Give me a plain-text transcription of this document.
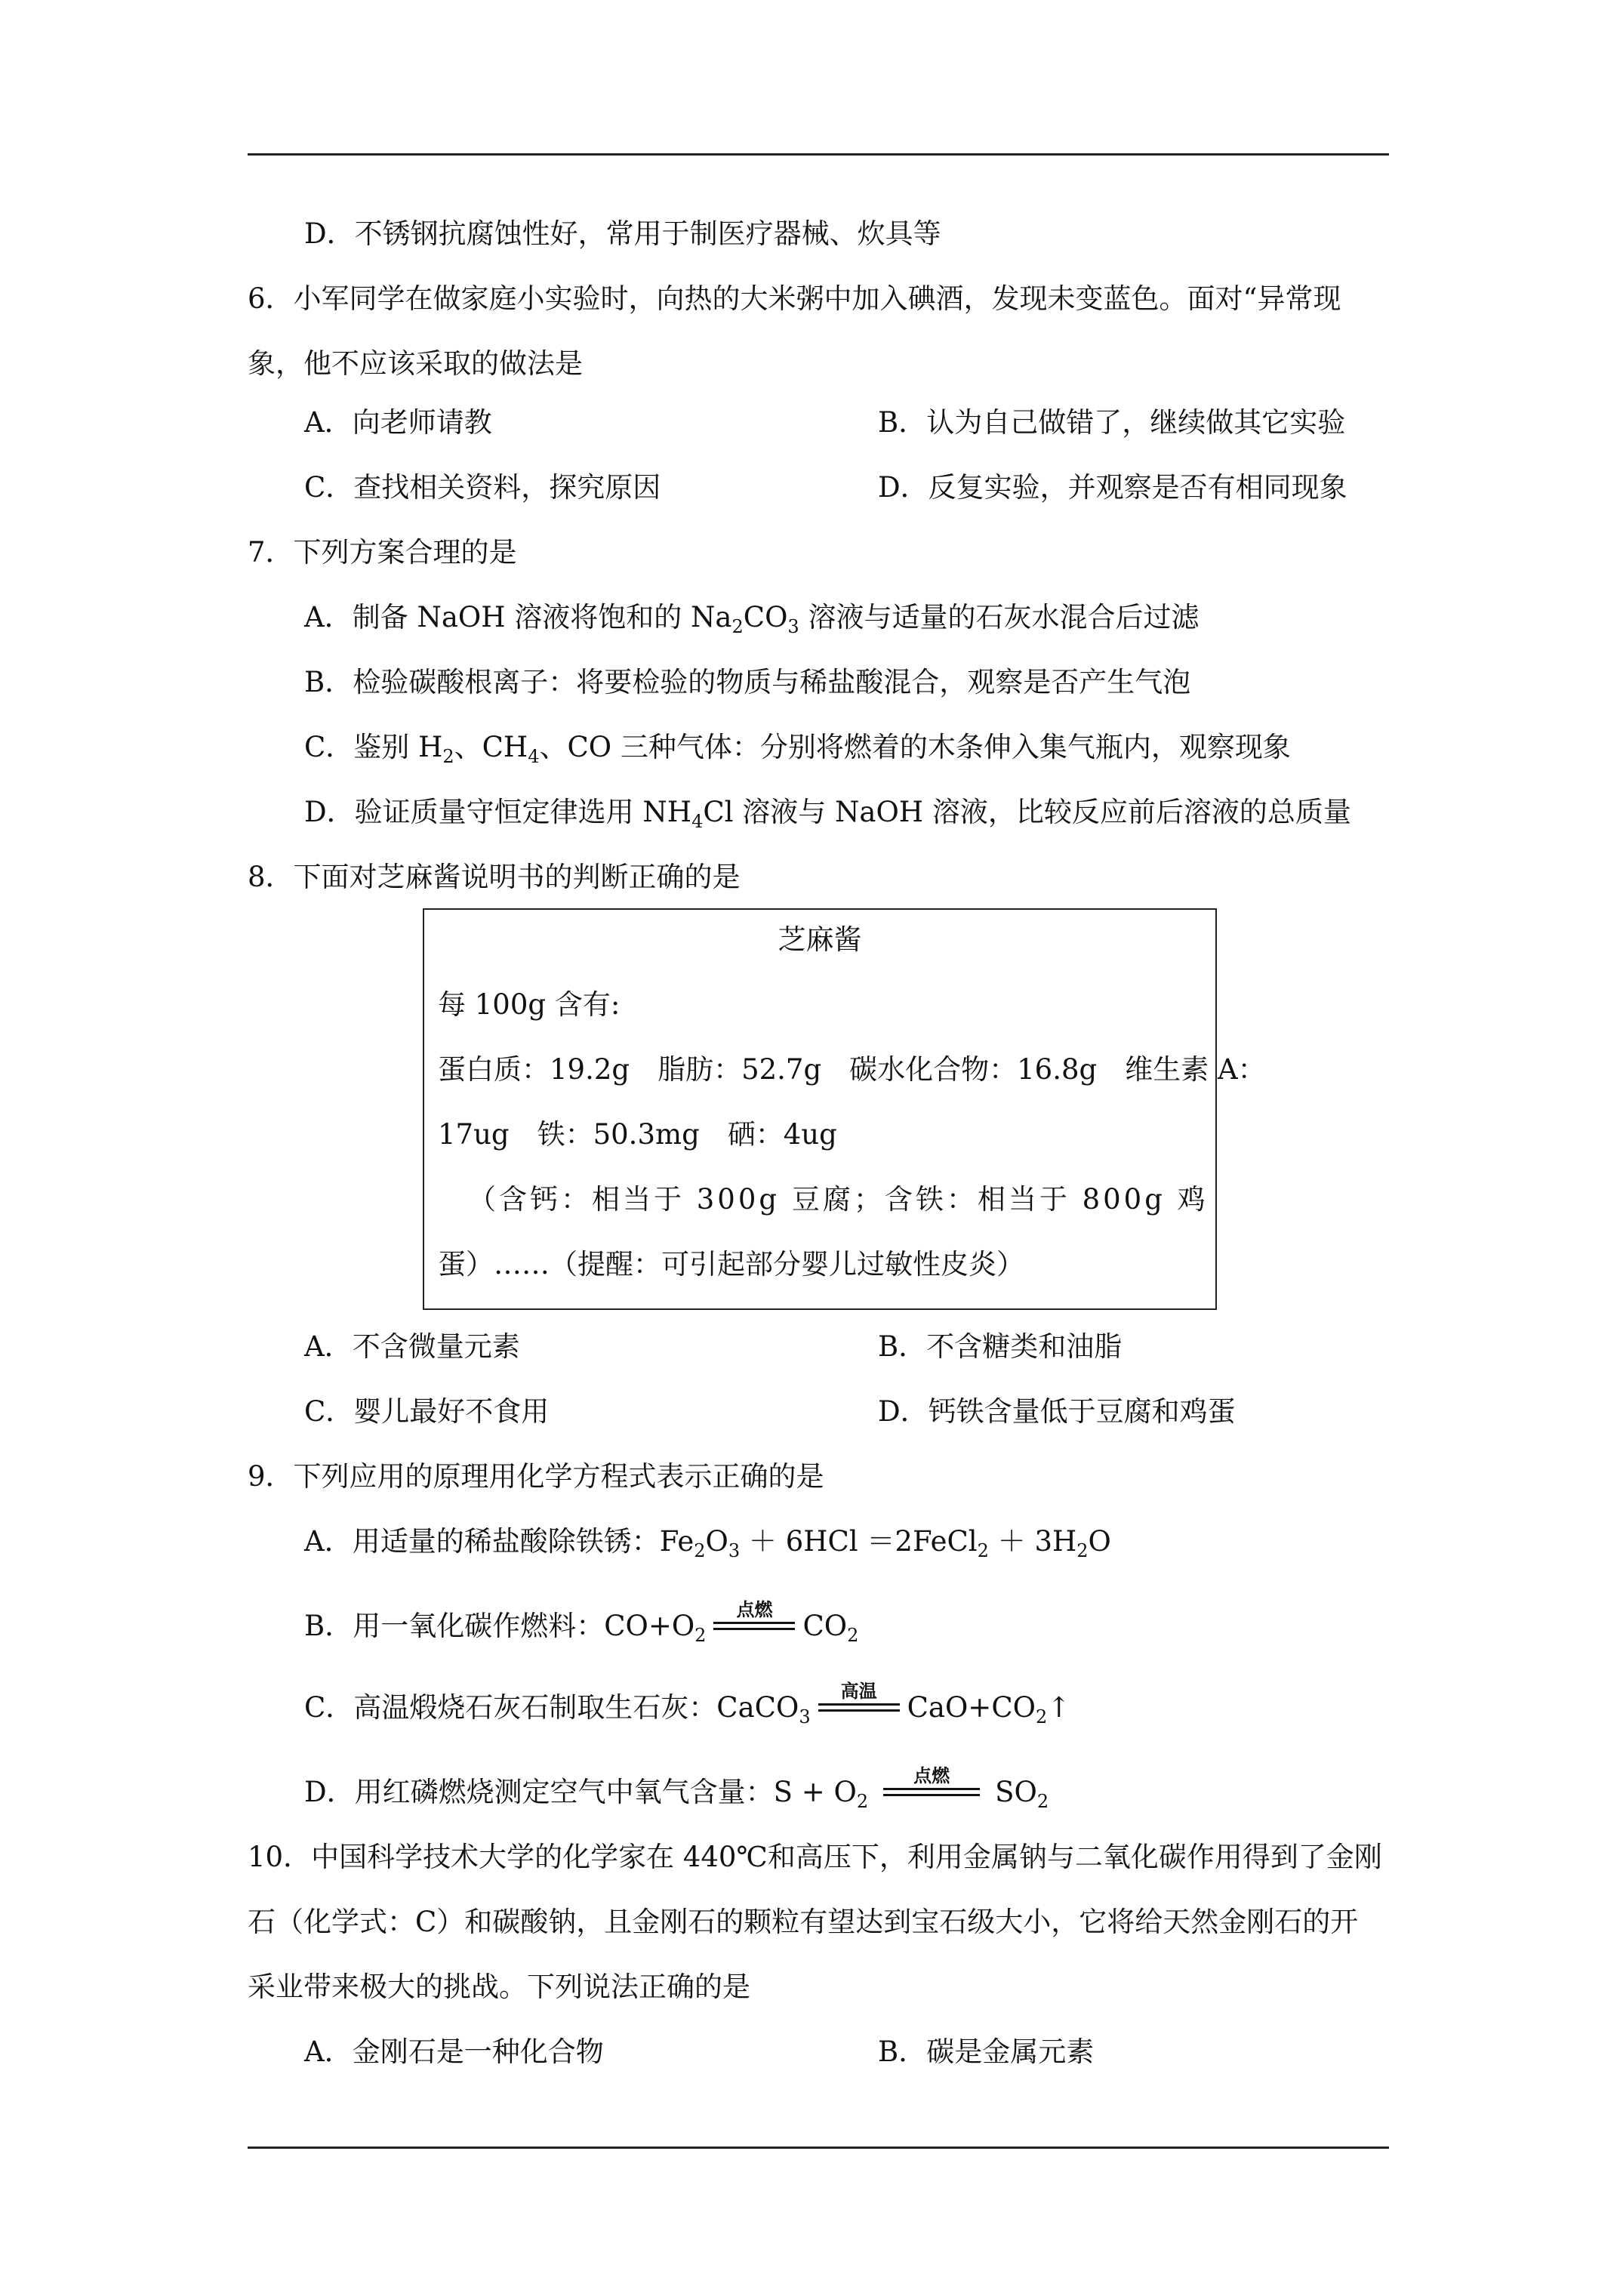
D．不锈钢抗腐蚀性好，常用于制医疗器械、炊具等
6．小军同学在做家庭小实验时，向热的大米粥中加入碘酒，发现未变蓝色。面对“异常现
象，他不应该采取的做法是
A．向老师请教	B．认为自己做错了，继续做其它实验
C．查找相关资料，探究原因	D．反复实验，并观察是否有相同现象
7．下列方案合理的是
A．制备 NaOH 溶液将饱和的 $Na_2CO_3$ 溶液与适量的石灰水混合后过滤
B．检验碳酸根离子：将要检验的物质与稀盐酸混合，观察是否产生气泡
C．鉴别 $H_2$、$CH_4$、CO 三种气体：分别将燃着的木条伸入集气瓶内，观察现象
D．验证质量守恒定律选用 $NH_4Cl$ 溶液与 NaOH 溶液，比较反应前后溶液的总质量
8．下面对芝麻酱说明书的判断正确的是
芝麻酱
每 100g 含有:
蛋白质：19.2g　脂肪：52.7g　碳水化合物：16.8g　维生素 A：
17ug　铁：50.3mg　硒：4ug
（含钙：相当于 300g 豆腐；含铁：相当于 800g 鸡
蛋）……（提醒：可引起部分婴儿过敏性皮炎）
A．不含微量元素	B．不含糖类和油脂
C．婴儿最好不食用	D．钙铁含量低于豆腐和鸡蛋
9．下列应用的原理用化学方程式表示正确的是
A．用适量的稀盐酸除铁锈：$Fe_2O_3 + 6HCl$ ＝2FeCl$_2$ ＋ $3H_2O$
B．用一氧化碳作燃料：$CO+O_2$
点燃	$CO_2$
C．高温煅烧石灰石制取生石灰：CaCO$_3$
高温	$CaO+CO_2↑$
D．用红磷燃烧测定空气中氧气含量：$S + O_2$
点燃	$SO_2$
10．中国科学技术大学的化学家在 440℃和高压下，利用金属钠与二氧化碳作用得到了金刚
石（化学式：C）和碳酸钠，且金刚石的颗粒有望达到宝石级大小，它将给天然金刚石的开
采业带来极大的挑战。下列说法正确的是
A．金刚石是一种化合物	B．碳是金属元素
